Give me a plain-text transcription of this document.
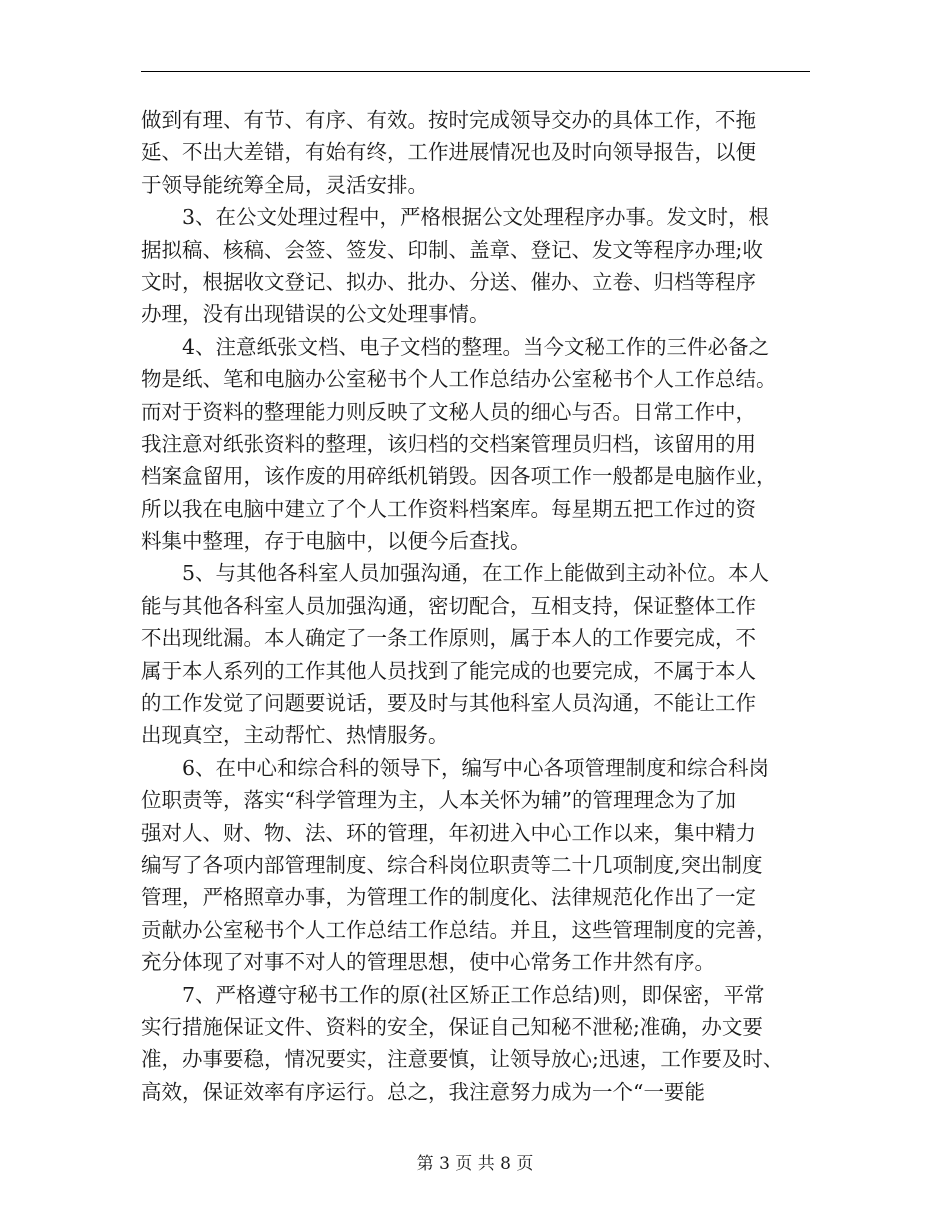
做到有理、有节、有序、有效。按时完成领导交办的具体工作，不拖
延、不出大差错，有始有终，工作进展情况也及时向领导报告，以便
于领导能统筹全局，灵活安排。
　　3、在公文处理过程中，严格根据公文处理程序办事。发文时，根
据拟稿、核稿、会签、签发、印制、盖章、登记、发文等程序办理;收
文时，根据收文登记、拟办、批办、分送、催办、立卷、归档等程序
办理，没有出现错误的公文处理事情。
　　4、注意纸张文档、电子文档的整理。当今文秘工作的三件必备之
物是纸、笔和电脑办公室秘书个人工作总结办公室秘书个人工作总结。
而对于资料的整理能力则反映了文秘人员的细心与否。日常工作中，
我注意对纸张资料的整理，该归档的交档案管理员归档，该留用的用
档案盒留用，该作废的用碎纸机销毁。因各项工作一般都是电脑作业，
所以我在电脑中建立了个人工作资料档案库。每星期五把工作过的资
料集中整理，存于电脑中，以便今后查找。
　　5、与其他各科室人员加强沟通，在工作上能做到主动补位。本人
能与其他各科室人员加强沟通，密切配合，互相支持，保证整体工作
不出现纰漏。本人确定了一条工作原则，属于本人的工作要完成，不
属于本人系列的工作其他人员找到了能完成的也要完成，不属于本人
的工作发觉了问题要说话，要及时与其他科室人员沟通，不能让工作
出现真空，主动帮忙、热情服务。
　　6、在中心和综合科的领导下，编写中心各项管理制度和综合科岗
位职责等，落实“科学管理为主，人本关怀为辅”的管理理念为了加
强对人、财、物、法、环的管理，年初进入中心工作以来，集中精力
编写了各项内部管理制度、综合科岗位职责等二十几项制度,突出制度
管理，严格照章办事，为管理工作的制度化、法律规范化作出了一定
贡献办公室秘书个人工作总结工作总结。并且，这些管理制度的完善，
充分体现了对事不对人的管理思想，使中心常务工作井然有序。
　　7、严格遵守秘书工作的原(社区矫正工作总结)则，即保密，平常
实行措施保证文件、资料的安全，保证自己知秘不泄秘;准确，办文要
准，办事要稳，情况要实，注意要慎，让领导放心;迅速，工作要及时、
高效，保证效率有序运行。总之，我注意努力成为一个“一要能
第 3 页 共 8 页
